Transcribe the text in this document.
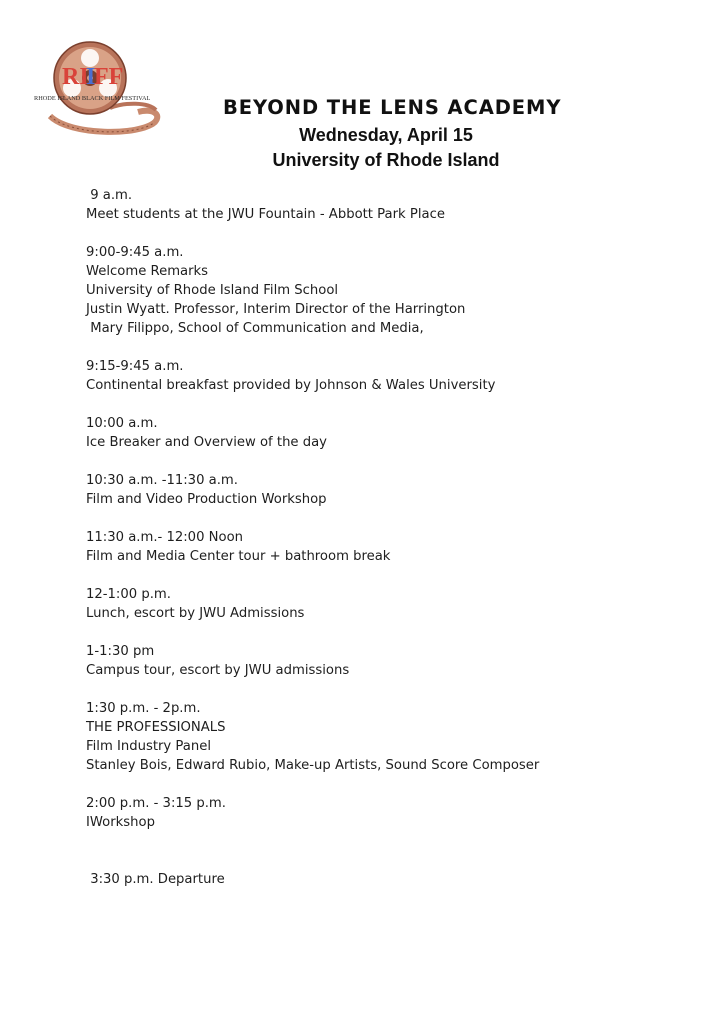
RI
I
FF
RHODE ISLAND BLACK FILM FESTIVAL	BEYOND THE LENS ACADEMY
Wednesday, April 15
University of Rhode Island
9 a.m.
Meet students at the JWU Fountain - Abbott Park Place
9:00-9:45 a.m.
Welcome Remarks
University of Rhode Island Film School
Justin Wyatt. Professor, Interim Director of the Harrington
Mary Filippo, School of Communication and Media,
9:15-9:45 a.m.
Continental breakfast provided by Johnson & Wales University
10:00 a.m.
Ice Breaker and Overview of the day
10:30 a.m. -11:30 a.m.
Film and Video Production Workshop
11:30 a.m.- 12:00 Noon
Film and Media Center tour + bathroom break
12-1:00 p.m.
Lunch, escort by JWU Admissions
1-1:30 pm
Campus tour, escort by JWU admissions
1:30 p.m. - 2p.m.
THE PROFESSIONALS
Film Industry Panel
Stanley Bois, Edward Rubio, Make-up Artists, Sound Score Composer
2:00 p.m. - 3:15 p.m.
IWorkshop
3:30 p.m. Departure
